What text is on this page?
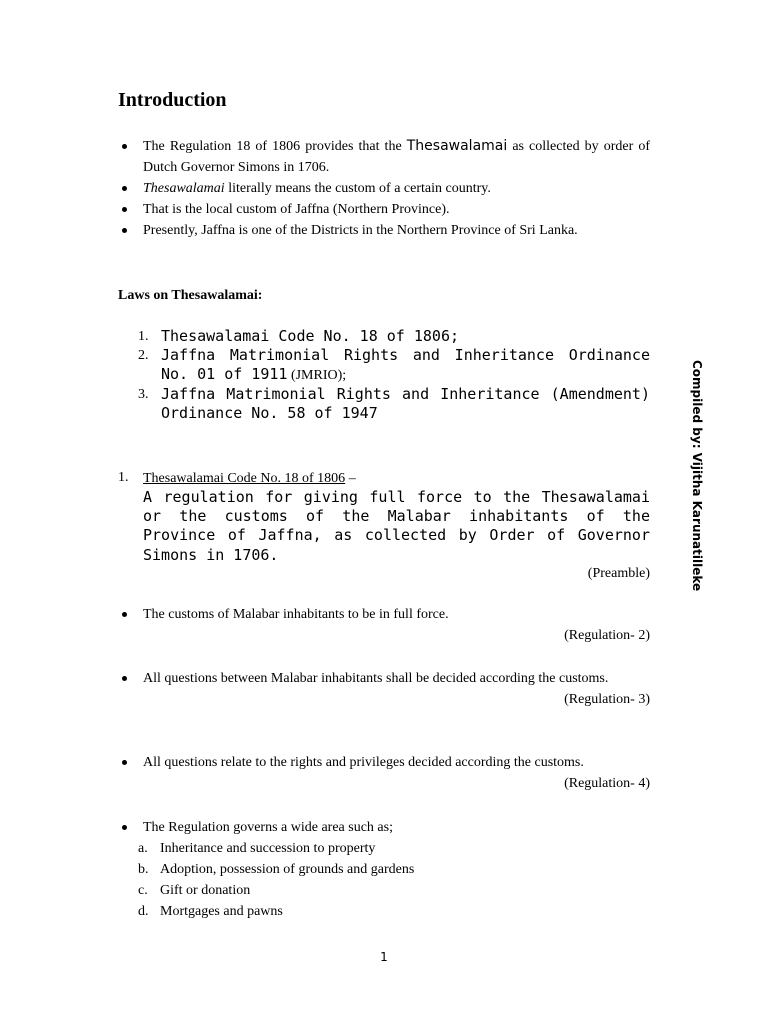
Introduction
The Regulation 18 of 1806 provides that the Thesawalamai as collected by order of Dutch Governor Simons in 1706.
Thesawalamai literally means the custom of a certain country.
That is the local custom of Jaffna (Northern Province).
Presently, Jaffna is one of the Districts in the Northern Province of Sri Lanka.
Laws on Thesawalamai:
1. Thesawalamai Code No. 18 of 1806;
2. Jaffna Matrimonial Rights and Inheritance Ordinance No. 01 of 1911 (JMRIO);
3. Jaffna Matrimonial Rights and Inheritance (Amendment) Ordinance No. 58 of 1947
1. Thesawalamai Code No. 18 of 1806 –
A regulation for giving full force to the Thesawalamai or the customs of the Malabar inhabitants of the Province of Jaffna, as collected by Order of Governor Simons in 1706.
(Preamble)
The customs of Malabar inhabitants to be in full force.
(Regulation- 2)
All questions between Malabar inhabitants shall be decided according the customs.
(Regulation- 3)
All questions relate to the rights and privileges decided according the customs.
(Regulation- 4)
The Regulation governs a wide area such as;
a. Inheritance and succession to property
b. Adoption, possession of grounds and gardens
c. Gift or donation
d. Mortgages and pawns
Compiled by: Vijitha Karunatilleke
1
